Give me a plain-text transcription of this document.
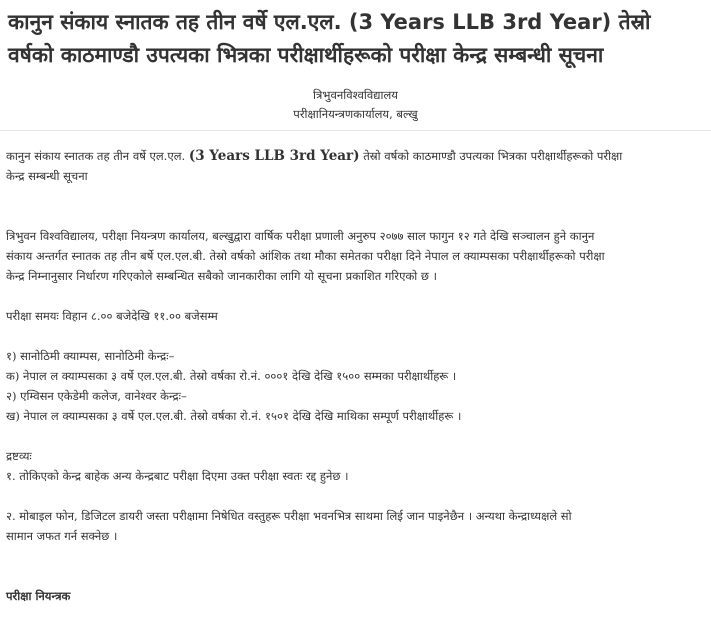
कानुन संकाय स्नातक तह तीन वर्षे एल.एल. (3 Years LLB 3rd Year) तेस्रो वर्षको काठमाण्डौ उपत्यका भित्रका परीक्षार्थीहरूको परीक्षा केन्द्र सम्बन्धी सूचना
त्रिभुवनविश्वविद्यालय
परीक्षानियन्त्रणकार्यालय, बल्खु
कानुन संकाय स्नातक तह तीन वर्षे एल.एल. (3 Years LLB 3rd Year) तेस्रो वर्षको काठमाण्डौ उपत्यका भित्रका परीक्षार्थीहरूको परीक्षा
केन्द्र सम्बन्धी सूचना
त्रिभुवन विश्वविद्यालय, परीक्षा नियन्त्रण कार्यालय, बल्खुद्वारा वार्षिक परीक्षा प्रणाली अनुरुप २०७७ साल फागुन १२ गते देखि सञ्चालन हुने कानुन
संकाय अन्तर्गत स्नातक तह तीन बर्षे एल.एल.बी. तेस्रो वर्षको आंशिक तथा मौका समेतका परीक्षा दिने नेपाल ल क्याम्पसका परीक्षार्थीहरूको परीक्षा
केन्द्र निम्नानुसार निर्धारण गरिएकोले सम्बन्धित सबैको जानकारीका लागि यो सूचना प्रकाशित गरिएको छ ।
परीक्षा समयः विहान ८.०० बजेदेखि ११.०० बजेसम्म
१) सानोठिमी क्याम्पस, सानोठिमी केन्द्रः–
क) नेपाल ल क्याम्पसका ३ वर्षे एल.एल.बी. तेस्रो वर्षका रो.नं. ०००१ देखि देखि १५०० सम्मका परीक्षार्थीहरू ।
२) एम्विसन एकेडेमी कलेज, वानेश्वर केन्द्रः–
ख) नेपाल ल क्याम्पसका ३ वर्षे एल.एल.बी. तेस्रो वर्षका रो.नं. १५०१ देखि देखि माथिका सम्पूर्ण परीक्षार्थीहरू ।
द्रष्टव्यः
१. तोकिएको केन्द्र बाहेक अन्य केन्द्रबाट परीक्षा दिएमा उक्त परीक्षा स्वतः रद्द हुनेछ ।
२. मोबाइल फोन, डिजिटल डायरी जस्ता परीक्षामा निषेधित वस्तुहरू परीक्षा भवनभित्र साथमा लिई जान पाइनेछैन । अन्यथा केन्द्राध्यक्षले सो
सामान जफत गर्न सक्नेछ ।
परीक्षा नियन्त्रक
